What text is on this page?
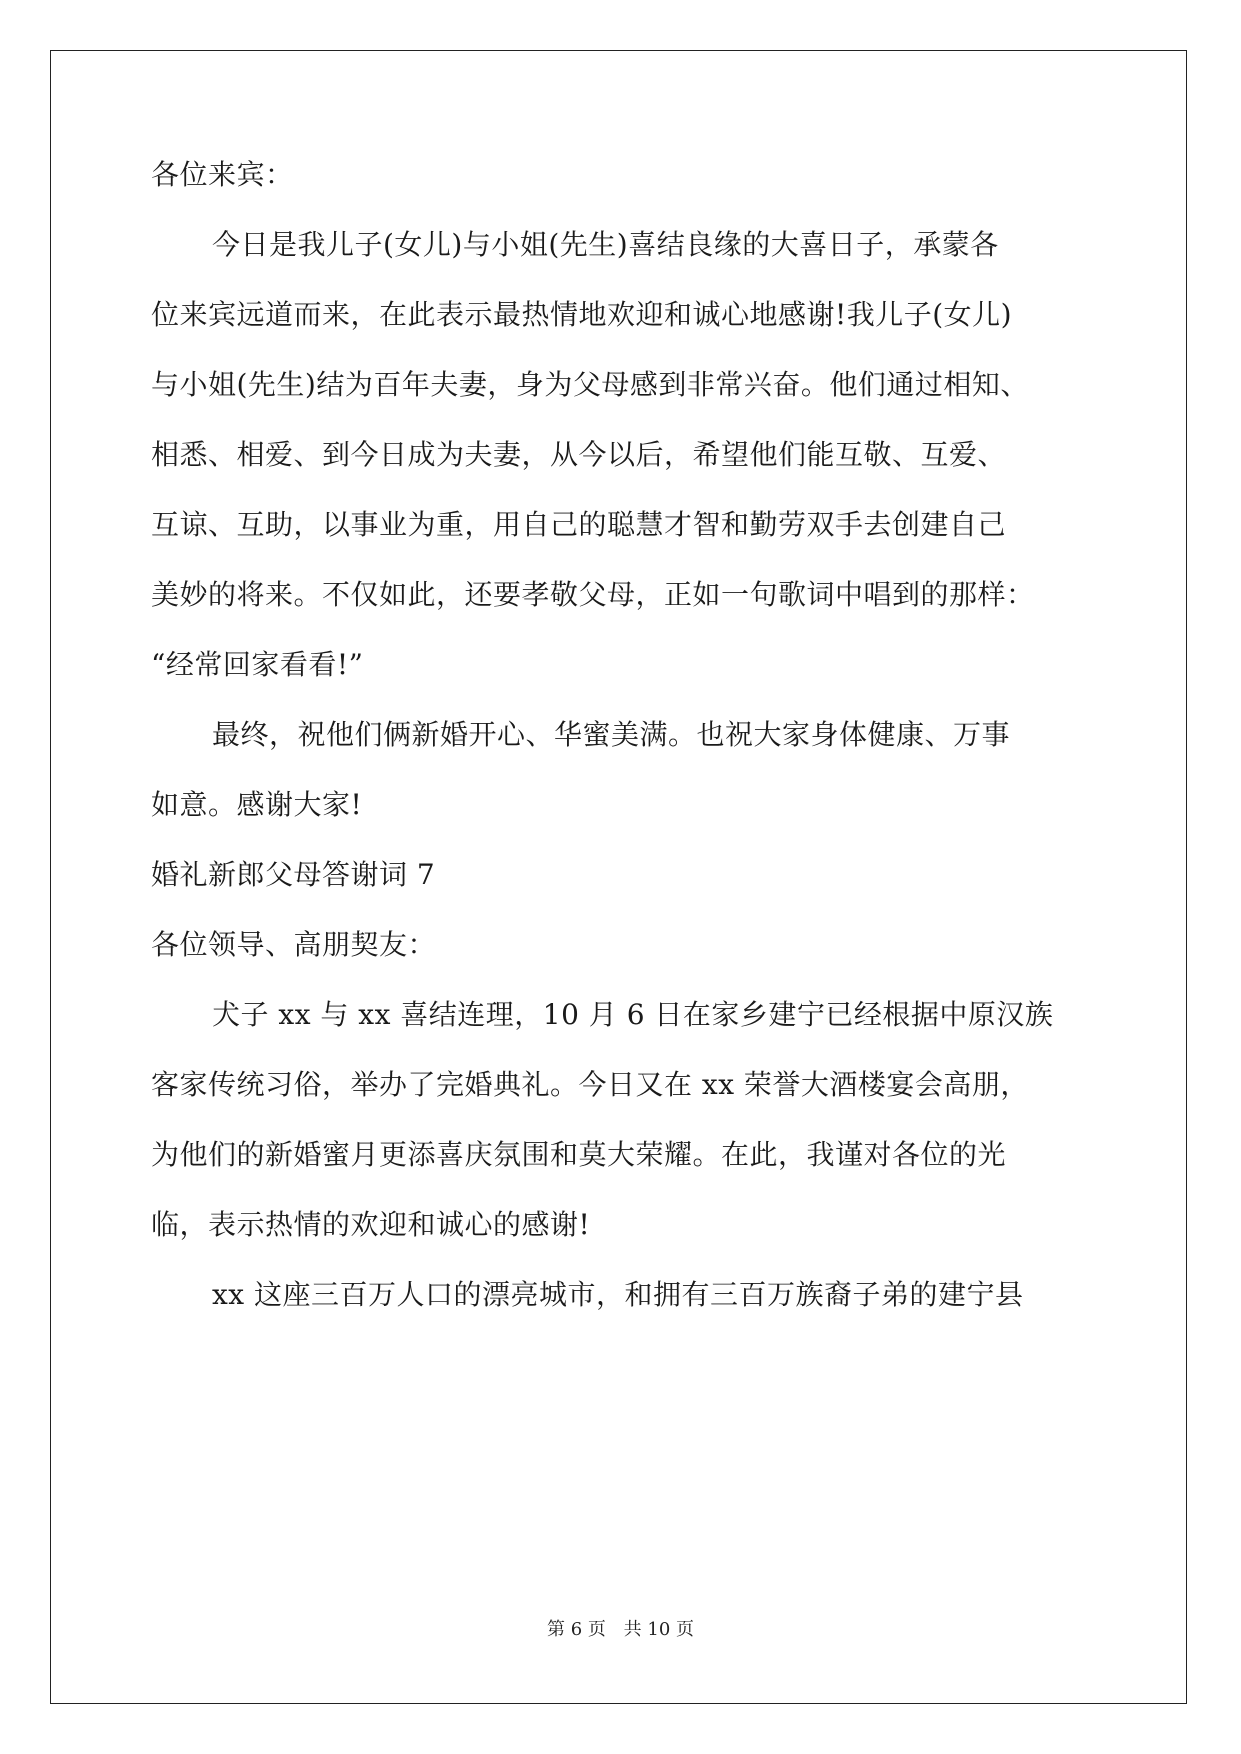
各位来宾：
今日是我儿子(女儿)与小姐(先生)喜结良缘的大喜日子，承蒙各
位来宾远道而来，在此表示最热情地欢迎和诚心地感谢!我儿子(女儿)
与小姐(先生)结为百年夫妻，身为父母感到非常兴奋。他们通过相知、
相悉、相爱、到今日成为夫妻，从今以后，希望他们能互敬、互爱、
互谅、互助，以事业为重，用自己的聪慧才智和勤劳双手去创建自己
美妙的将来。不仅如此，还要孝敬父母，正如一句歌词中唱到的那样：
“经常回家看看!”
最终，祝他们俩新婚开心、华蜜美满。也祝大家身体健康、万事
如意。感谢大家!
婚礼新郎父母答谢词 7
各位领导、高朋契友：
犬子 xx 与 xx 喜结连理，10 月 6 日在家乡建宁已经根据中原汉族
客家传统习俗，举办了完婚典礼。今日又在 xx 荣誉大酒楼宴会高朋，
为他们的新婚蜜月更添喜庆氛围和莫大荣耀。在此，我谨对各位的光
临，表示热情的欢迎和诚心的感谢!
xx 这座三百万人口的漂亮城市，和拥有三百万族裔子弟的建宁县
第 6 页 共 10 页
